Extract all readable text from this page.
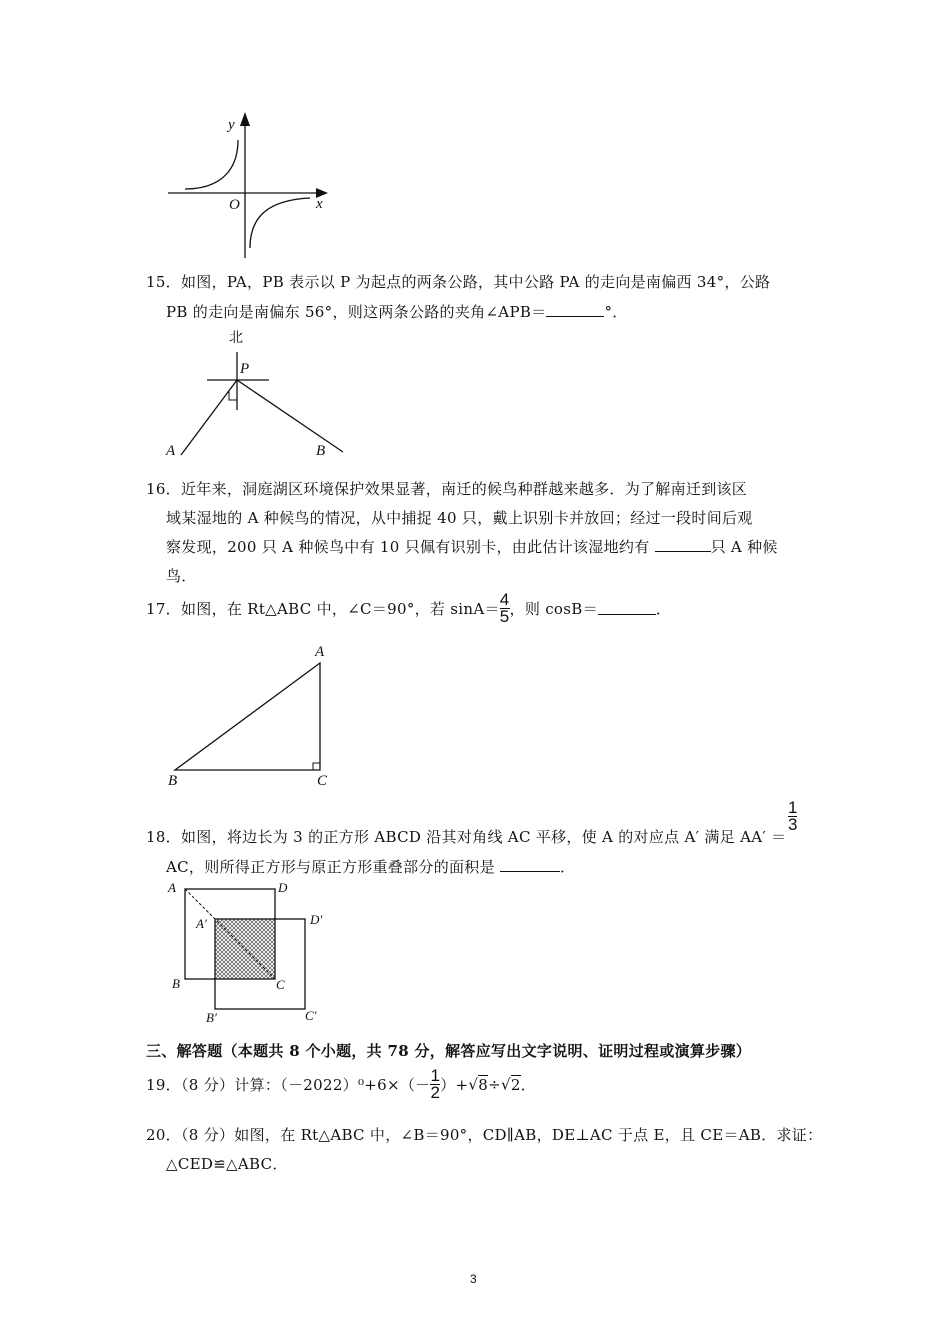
y
x
O
15．如图，PA，PB 表示以 P 为起点的两条公路，其中公路 PA 的走向是南偏西 34°，公路
PB 的走向是南偏东 56°，则这两条公路的夹角∠APB＝	°．
北
P
A	B
16．近年来，洞庭湖区环境保护效果显著，南迁的候鸟种群越来越多．为了解南迁到该区
域某湿地的 A 种候鸟的情况，从中捕捉 40 只，戴上识别卡并放回；经过一段时间后观
察发现，200 只 A 种候鸟中有 10 只佩有识别卡，由此估计该湿地约有	只 A 种候
鸟．
17．如图，在 Rt△ABC 中，∠C＝90°，若 $\sin A= \frac{4}{5}$ ，则 cosB＝	．
A
B	C
18．如图，将边长为 3 的正方形 ABCD 沿其对角线 AC 平移，使 A 的对应点 A′ 满足 AA′ ＝
$\frac{1}{3}$
AC，则所得正方形与原正方形重叠部分的面积是	．
A	D
A′	D′
B	C
B′	C′
三、解答题（本题共 8 个小题，共 78 分，解答应写出文字说明、证明过程或演算步骤）
19．（8 分）计算：$(-2022)^0+6\times(- \frac{1}{2} )+√8\div√2$．
20．（8 分）如图，在 Rt△ABC 中，∠B＝90°，CD∥AB，DE⊥AC 于点 E，且 CE＝AB．求证：
△CED≌△ABC．
3
